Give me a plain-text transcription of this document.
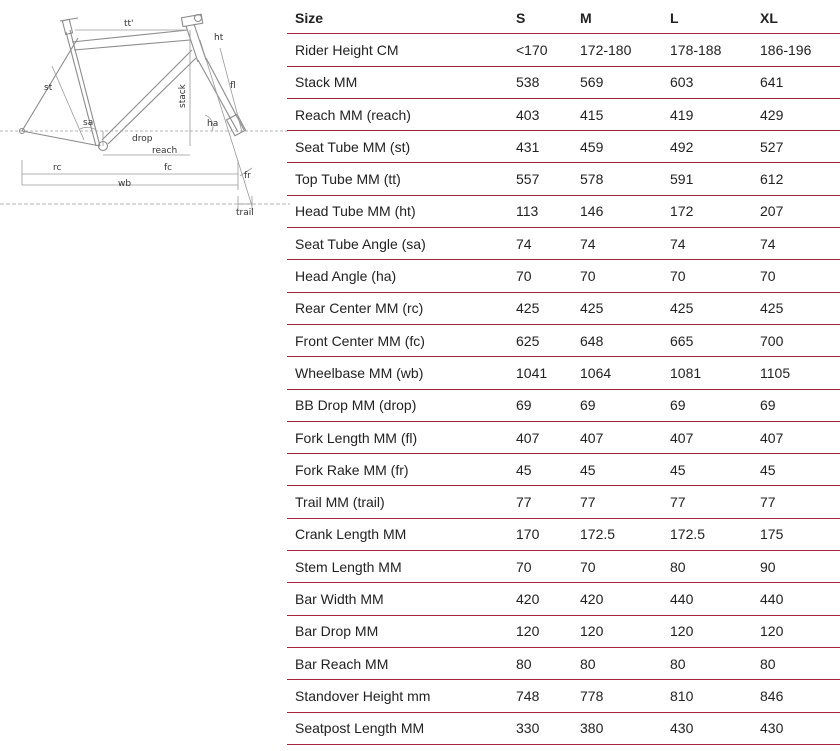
tt'
ht
st	fl
stack
sa	ha
drop
reach
rc	fc
wb
fr
trail
Size	S	M	L	XL
Rider Height CM	<170	172-180	178-188	186-196
Stack MM	538	569	603	641
Reach MM (reach)	403	415	419	429
Seat Tube MM (st)	431	459	492	527
Top Tube MM (tt)	557	578	591	612
Head Tube MM (ht)	113	146	172	207
Seat Tube Angle (sa)	74	74	74	74
Head Angle (ha)	70	70	70	70
Rear Center MM (rc)	425	425	425	425
Front Center MM (fc)	625	648	665	700
Wheelbase MM (wb)	1041	1064	1081	1105
BB Drop MM (drop)	69	69	69	69
Fork Length MM (fl)	407	407	407	407
Fork Rake MM (fr)	45	45	45	45
Trail MM (trail)	77	77	77	77
Crank Length MM	170	172.5	172.5	175
Stem Length MM	70	70	80	90
Bar Width MM	420	420	440	440
Bar Drop MM	120	120	120	120
Bar Reach MM	80	80	80	80
Standover Height mm	748	778	810	846
Seatpost Length MM	330	380	430	430
